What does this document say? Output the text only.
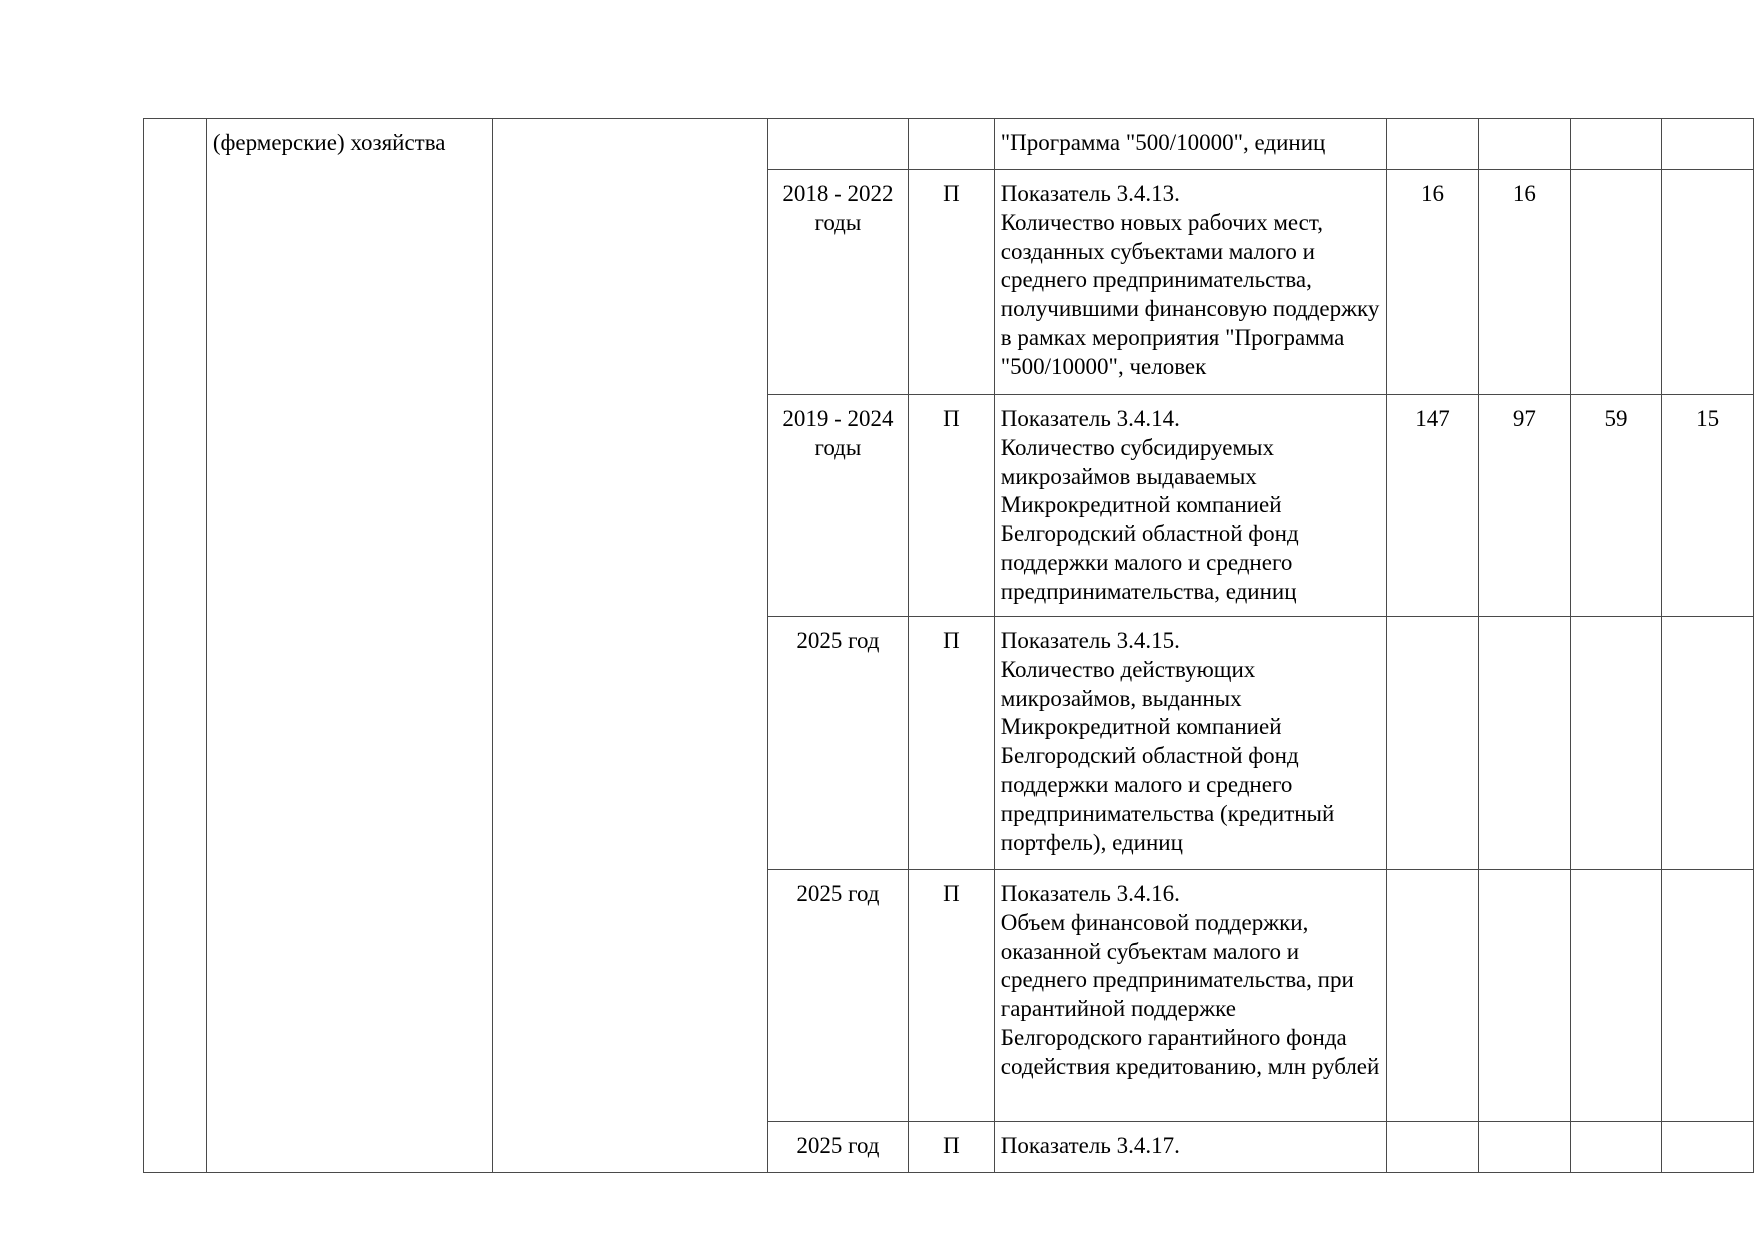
	(фермерские) хозяйства				"Программа "500/10000", единиц				

			2018 - 2022 годы	П	Показатель 3.4.13.
Количество новых рабочих мест, созданных субъектами малого и среднего предпринимательства, получившими финансовую поддержку в рамках мероприятия "Программа "500/10000", человек	16	16		
			2019 - 2024 годы	П	Показатель 3.4.14.
Количество субсидируемых микрозаймов выдаваемых Микрокредитной компанией Белгородский областной фонд поддержки малого и среднего предпринимательства, единиц	147	97	59	15
			2025 год	П	Показатель 3.4.15.
Количество действующих микрозаймов, выданных Микрокредитной компанией Белгородский областной фонд поддержки малого и среднего предпринимательства (кредитный портфель), единиц				

			2025 год	П	Показатель 3.4.16.
Объем финансовой поддержки, оказанной субъектам малого и среднего предпринимательства, при гарантийной поддержке Белгородского гарантийного фонда содействия кредитованию, млн рублей				

			2025 год	П	Показатель 3.4.17.				
